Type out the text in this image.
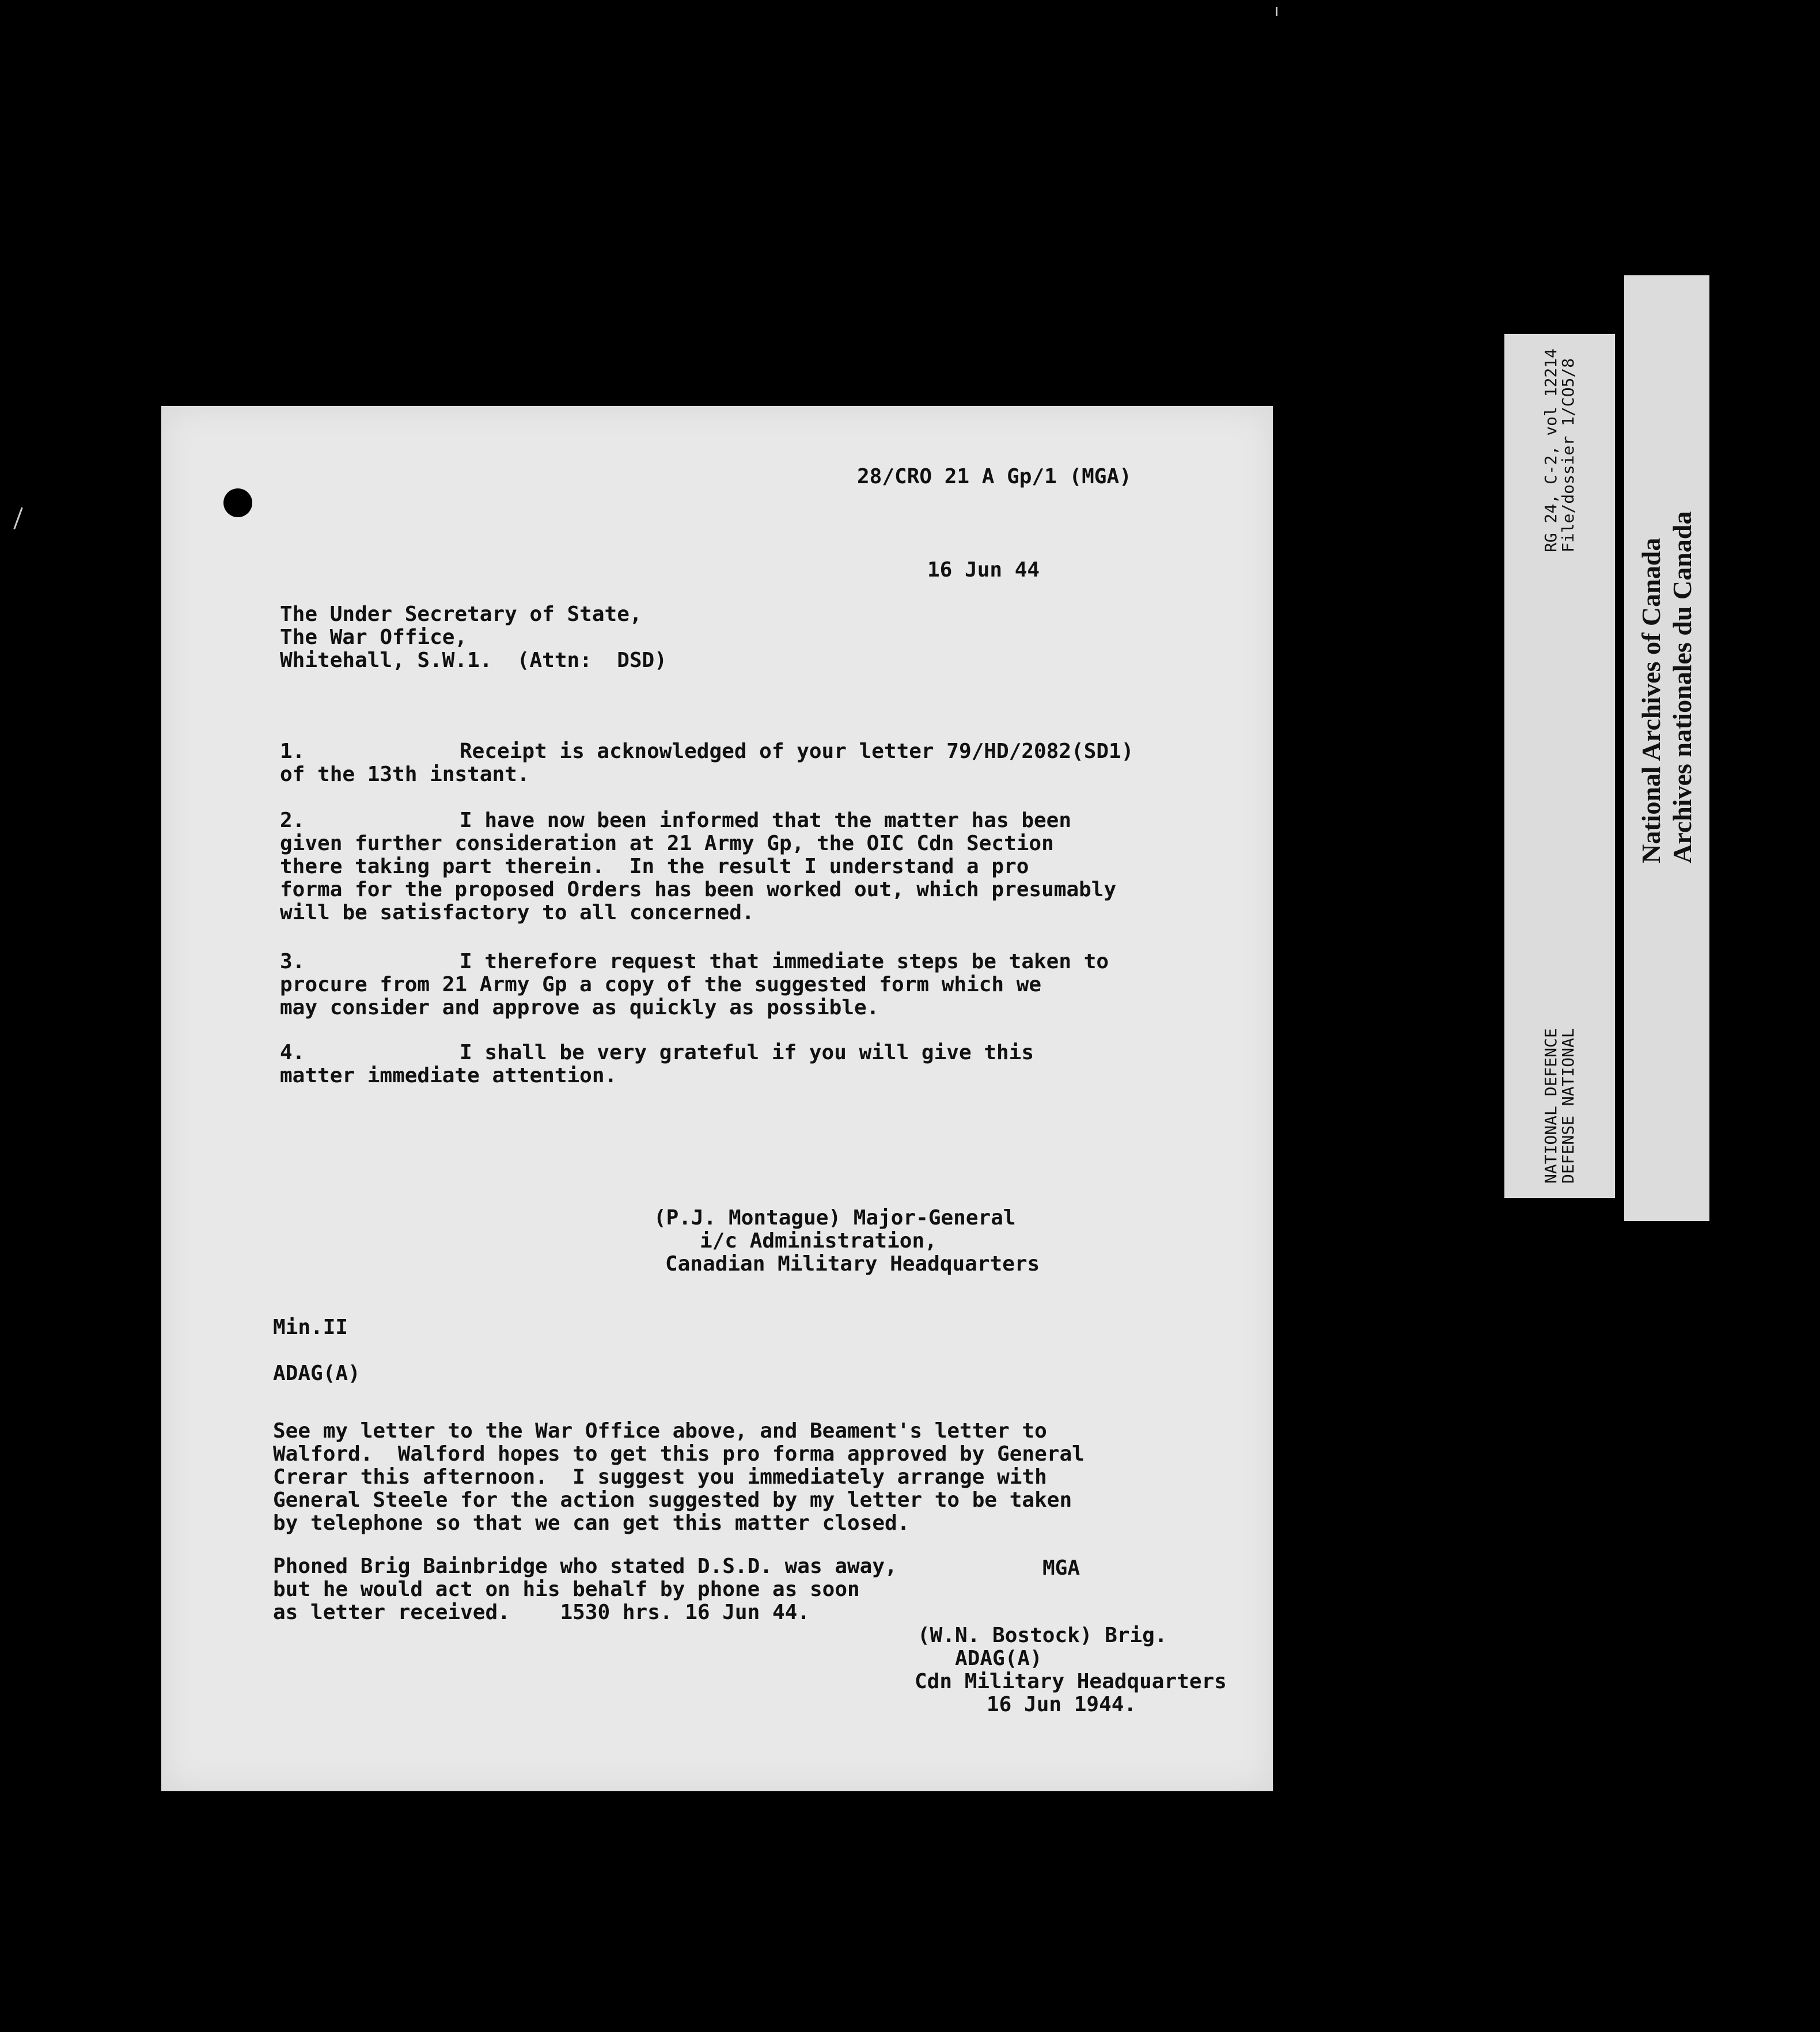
28/CRO 21 A Gp/1 (MGA)

16 Jun 44

The Under Secretary of State,

The War Office,

Whitehall, S.W.1.  (Attn:  DSD)

1.	Receipt is acknowledged of your letter 79/HD/2082(SD1)

of the 13th instant.

2.	I have now been informed that the matter has been

given further consideration at 21 Army Gp, the OIC Cdn Section

there taking part therein.  In the result I understand a pro

forma for the proposed Orders has been worked out, which presumably

will be satisfactory to all concerned.

3.	I therefore request that immediate steps be taken to

procure from 21 Army Gp a copy of the suggested form which we

may consider and approve as quickly as possible.

4.	I shall be very grateful if you will give this

matter immediate attention.

(P.J. Montague) Major-General

i/c Administration,

Canadian Military Headquarters

Min.II

ADAG(A)

See my letter to the War Office above, and Beament's letter to

Walford.  Walford hopes to get this pro forma approved by General

Crerar this afternoon.  I suggest you immediately arrange with

General Steele for the action suggested by my letter to be taken

by telephone so that we can get this matter closed.

Phoned Brig Bainbridge who stated D.S.D. was away,	MGA

but he would act on his behalf by phone as soon

as letter received.    1530 hrs. 16 Jun 44.

(W.N. Bostock) Brig.

ADAG(A)

Cdn Military Headquarters

16 Jun 1944.

NATIONAL DEFENCE
DEFENSE NATIONAL
RG 24, C-2, vol 12214
File/dossier 1/CO5/8
National Archives of Canada Archives nationales du Canada
